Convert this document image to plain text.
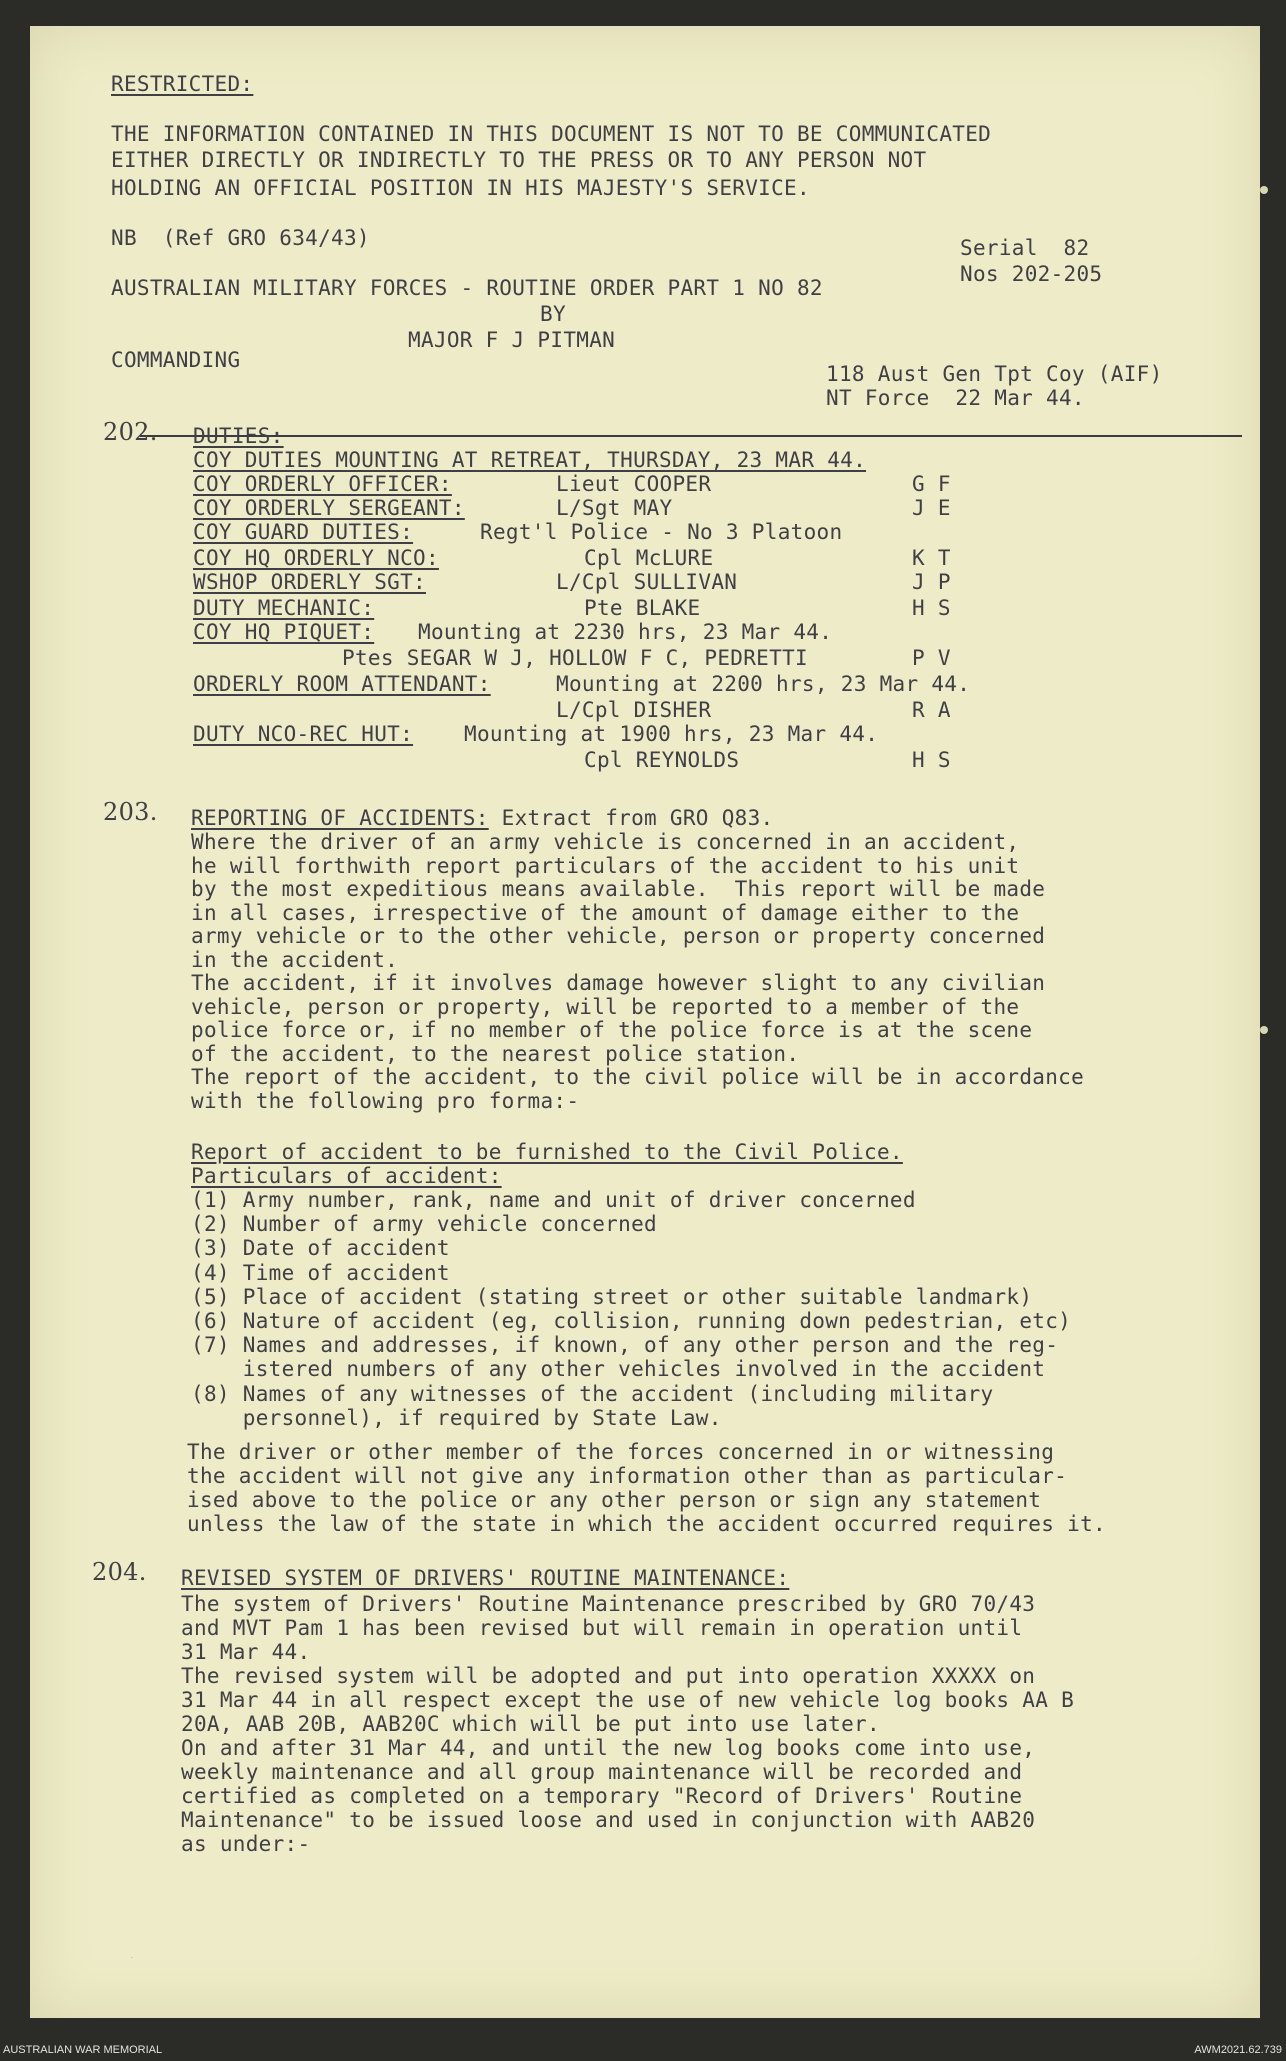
RESTRICTED:
THE INFORMATION CONTAINED IN THIS DOCUMENT IS NOT TO BE COMMUNICATED
EITHER DIRECTLY OR INDIRECTLY TO THE PRESS OR TO ANY PERSON NOT
HOLDING AN OFFICIAL POSITION IN HIS MAJESTY'S SERVICE.
NB  (Ref GRO 634/43)	Serial  82
Nos 202-205
AUSTRALIAN MILITARY FORCES - ROUTINE ORDER PART 1 NO 82
BY
MAJOR F J PITMAN
COMMANDING
118 Aust Gen Tpt Coy (AIF)
NT Force  22 Mar 44.
202. DUTIES:
COY DUTIES MOUNTING AT RETREAT, THURSDAY, 23 MAR 44.
COY ORDERLY OFFICER:	Lieut COOPER	G F
COY ORDERLY SERGEANT:	L/Sgt MAY	J E
COY GUARD DUTIES:	Regt'l Police - No 3 Platoon
COY HQ ORDERLY NCO:	Cpl McLURE	K T
WSHOP ORDERLY SGT:	L/Cpl SULLIVAN	J P
DUTY MECHANIC:	Pte BLAKE	H S
COY HQ PIQUET: Mounting at 2230 hrs, 23 Mar 44.
Ptes SEGAR W J, HOLLOW F C, PEDRETTI	P V
ORDERLY ROOM ATTENDANT:	Mounting at 2200 hrs, 23 Mar 44.
L/Cpl DISHER	R A
DUTY NCO-REC HUT: Mounting at 1900 hrs, 23 Mar 44.
Cpl REYNOLDS	H S
203. REPORTING OF ACCIDENTS: Extract from GRO Q83.
Where the driver of an army vehicle is concerned in an accident,
he will forthwith report particulars of the accident to his unit
by the most expeditious means available.  This report will be made
in all cases, irrespective of the amount of damage either to the
army vehicle or to the other vehicle, person or property concerned
in the accident.
The accident, if it involves damage however slight to any civilian
vehicle, person or property, will be reported to a member of the
police force or, if no member of the police force is at the scene
of the accident, to the nearest police station.
The report of the accident, to the civil police will be in accordance
with the following pro forma:-
Report of accident to be furnished to the Civil Police.
Particulars of accident:
(1) Army number, rank, name and unit of driver concerned
(2) Number of army vehicle concerned
(3) Date of accident
(4) Time of accident
(5) Place of accident (stating street or other suitable landmark)
(6) Nature of accident (eg, collision, running down pedestrian, etc)
(7) Names and addresses, if known, of any other person and the reg-
istered numbers of any other vehicles involved in the accident
(8) Names of any witnesses of the accident (including military
personnel), if required by State Law.
The driver or other member of the forces concerned in or witnessing
the accident will not give any information other than as particular-
ised above to the police or any other person or sign any statement
unless the law of the state in which the accident occurred requires it.
204. REVISED SYSTEM OF DRIVERS' ROUTINE MAINTENANCE:
The system of Drivers' Routine Maintenance prescribed by GRO 70/43
and MVT Pam 1 has been revised but will remain in operation until
31 Mar 44.
The revised system will be adopted and put into operation XXXXX on
31 Mar 44 in all respect except the use of new vehicle log books AA B
20A, AAB 20B, AAB20C which will be put into use later.
On and after 31 Mar 44, and until the new log books come into use,
weekly maintenance and all group maintenance will be recorded and
certified as completed on a temporary "Record of Drivers' Routine
Maintenance" to be issued loose and used in conjunction with AAB20
as under:-
·
AUSTRALIAN WAR MEMORIAL	AWM2021.62.739
